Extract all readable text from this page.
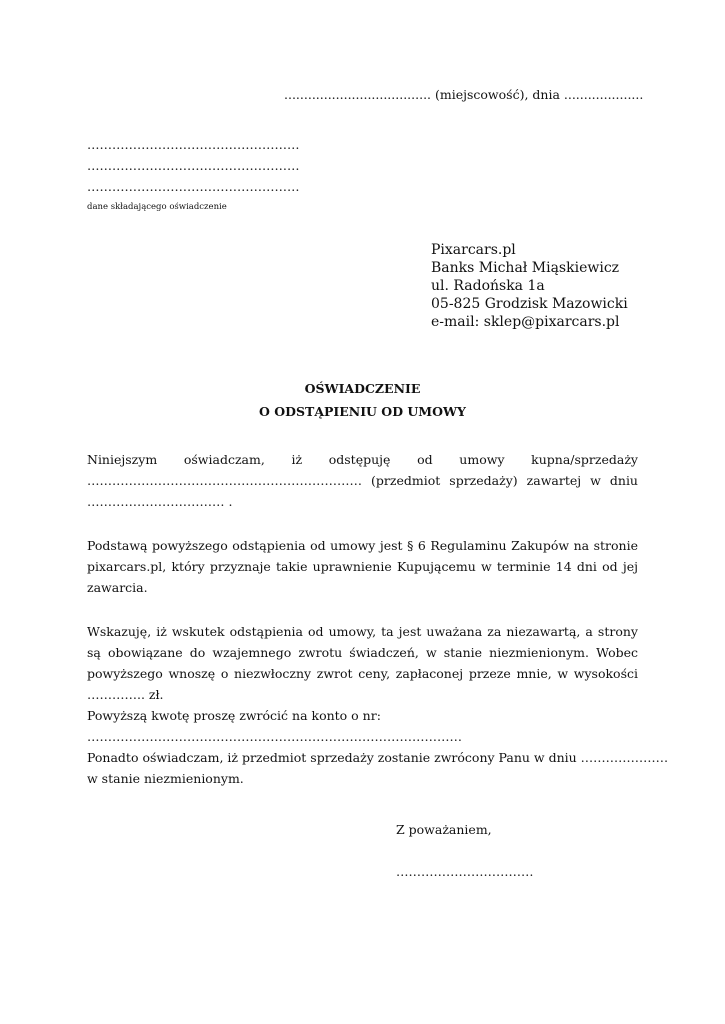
..................................... (miejscowość), dnia ....................
……………………………………………
……………………………………………
……………………………………………
dane składającego oświadczenie
Pixarcars.pl
Banks Michał Miąskiewicz
ul. Radońska 1a
05-825 Grodzisk Mazowicki
e-mail: sklep@pixarcars.pl
OŚWIADCZENIE
O ODSTĄPIENIU OD UMOWY
Niniejszym oświadczam, iż odstępuję od umowy kupna/sprzedaży
………………………………………………………… (przedmiot sprzedaży) zawartej w dniu
…………………………… .
Podstawą powyższego odstąpienia od umowy jest § 6 Regulaminu Zakupów na stronie pixarcars.pl, który przyznaje takie uprawnienie Kupującemu w terminie 14 dni od jej zawarcia.
Wskazuję, iż wskutek odstąpienia od umowy, ta jest uważana za niezawartą, a strony są obowiązane do wzajemnego zwrotu świadczeń, w stanie niezmienionym. Wobec powyższego wnoszę o niezwłoczny zwrot ceny, zapłaconej przeze mnie, w wysokości ………….. zł.
Powyższą kwotę proszę zwrócić na konto o nr:
………………………………………………………………………………
Ponadto oświadczam, iż przedmiot sprzedaży zostanie zwrócony Panu w dniu …………………
w stanie niezmienionym.
Z poważaniem,
……………………………
